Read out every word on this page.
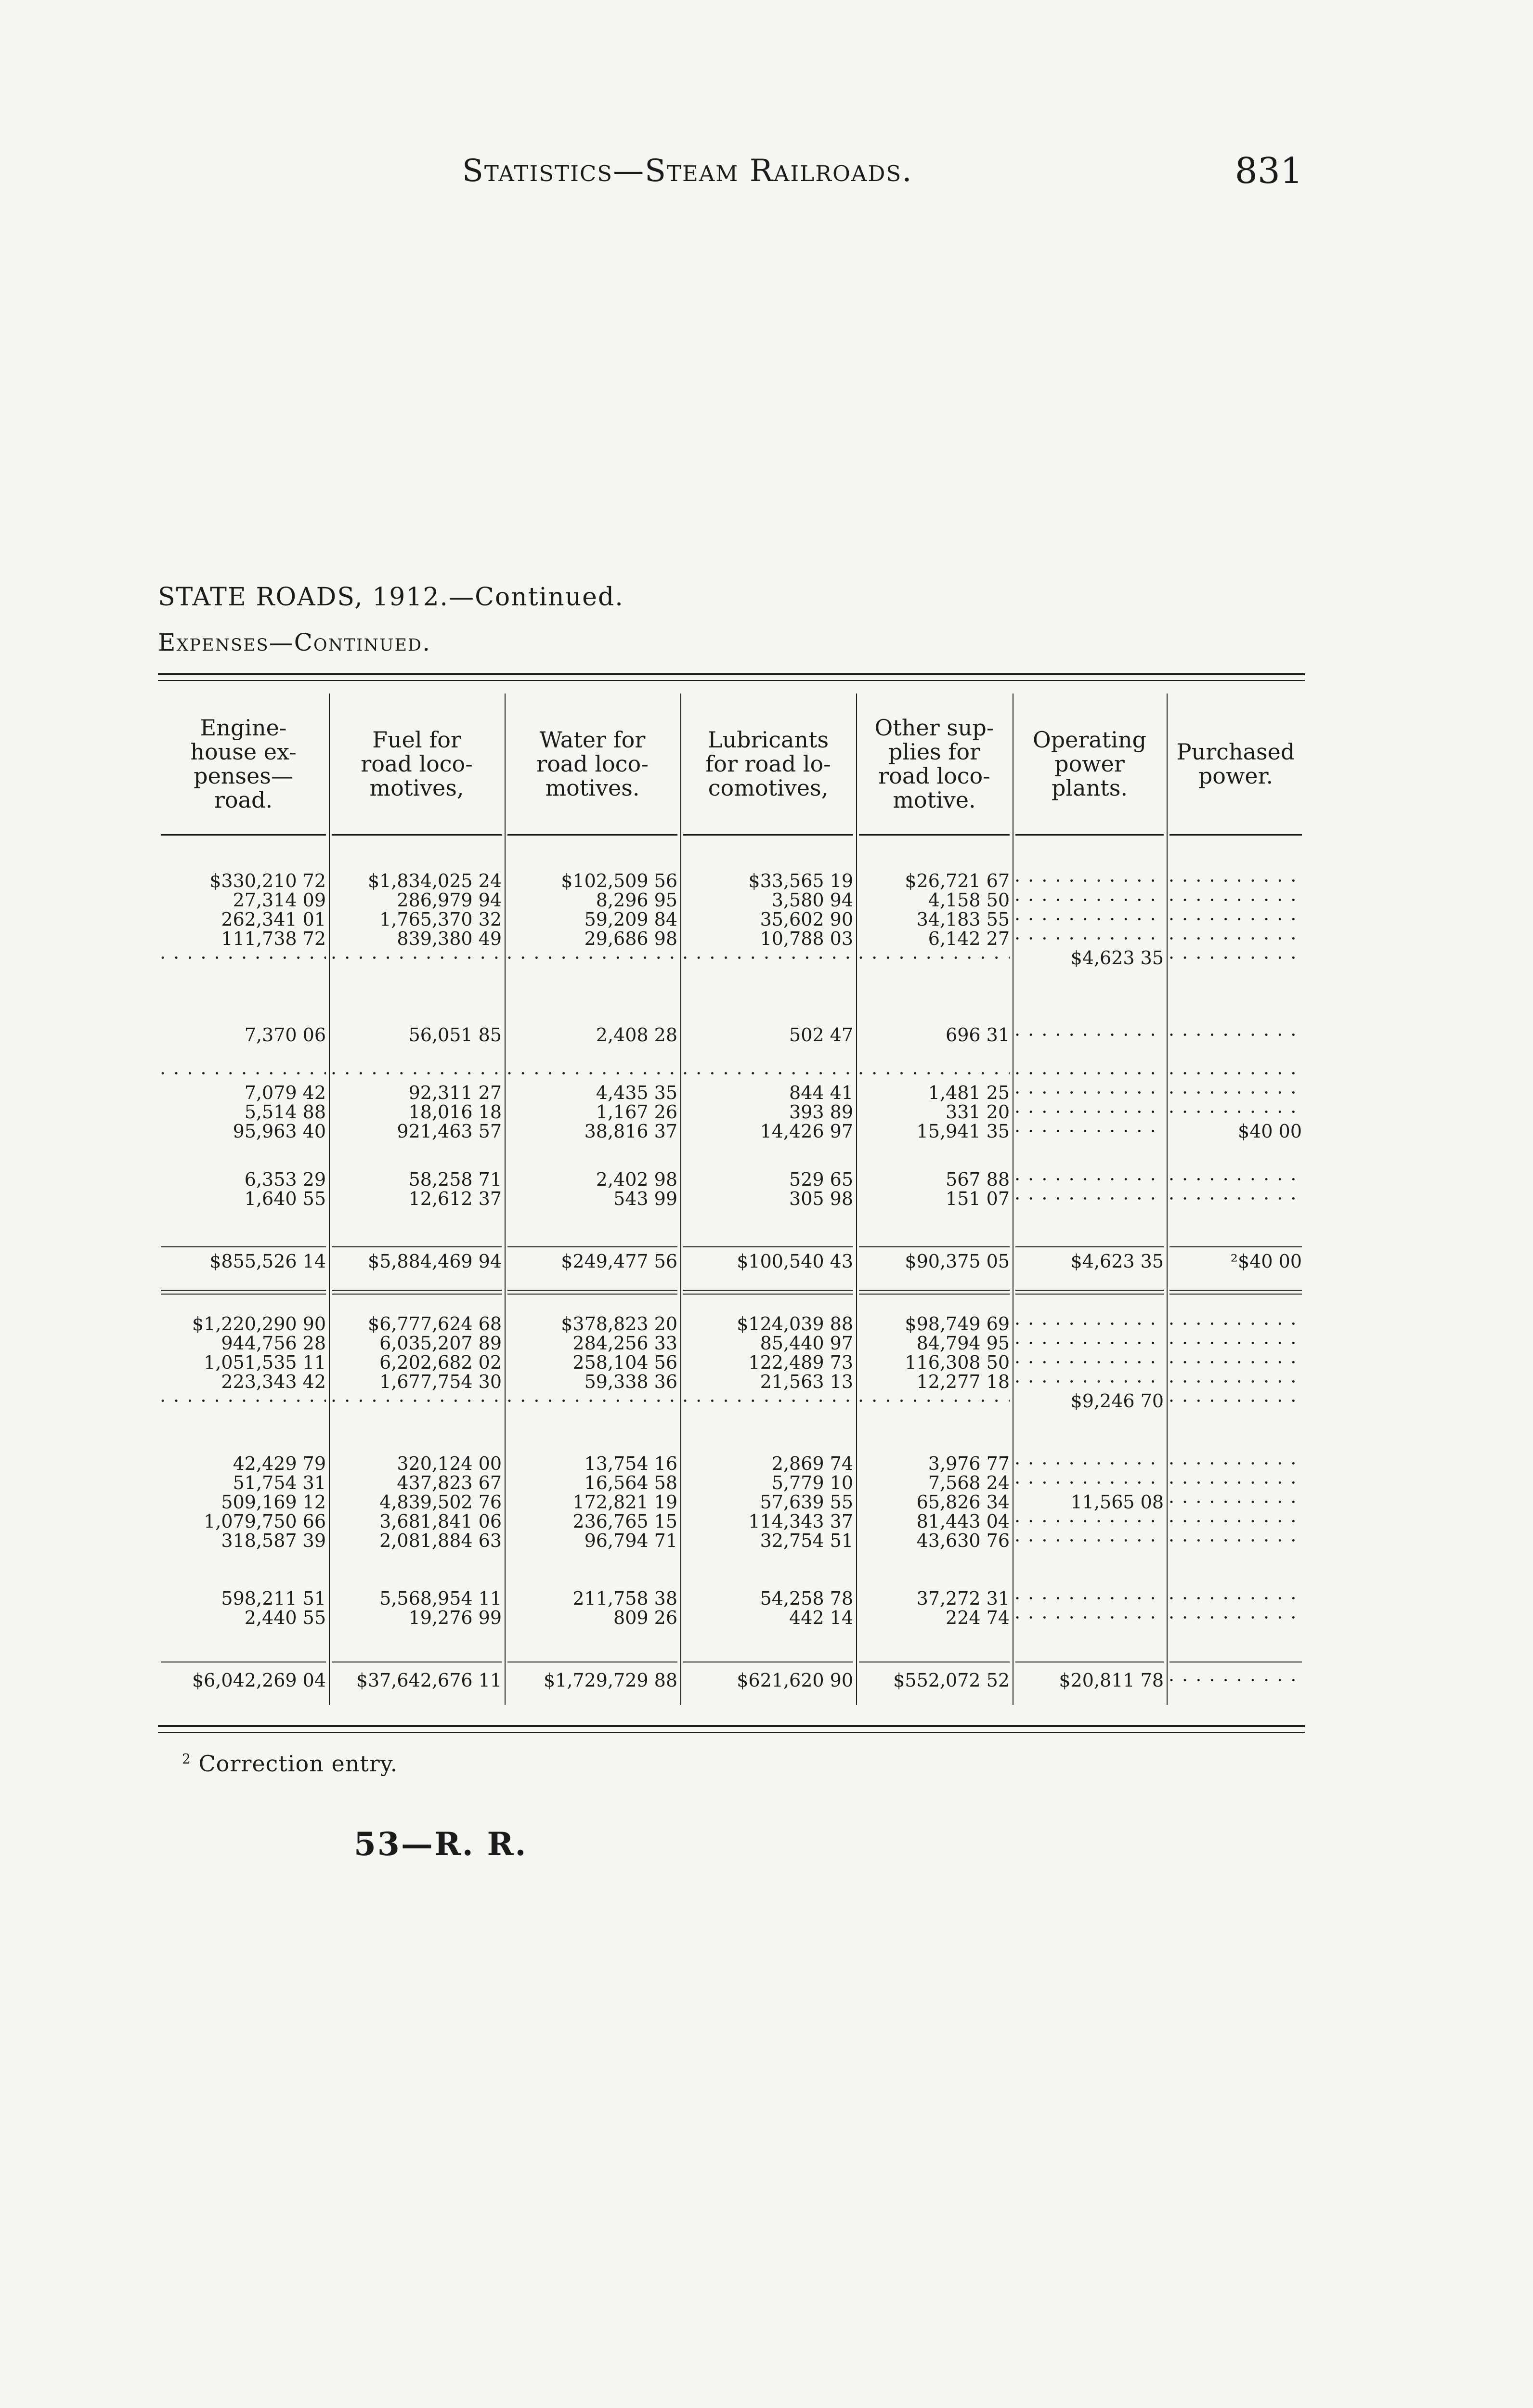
Statistics—Steam Railroads.	831
STATE ROADS, 1912.—Continued.
Expenses—Continued.
Engine-
house ex-
penses—
road.
$330,210 72
27,314 09
262,341 01
111,738 72
· · ·
7,370 06
· · ·
7,079 42
5,514 88
95,963 40
6,353 29
1,640 55
$855,526 14
$1,220,290 90
944,756 28
1,051,535 11
223,343 42
· · ·
42,429 79
51,754 31
509,169 12
1,079,750 66
318,587 39
598,211 51
2,440 55
$6,042,269 04
Fuel for
road loco-
motives,
$1,834,025 24
286,979 94
1,765,370 32
839,380 49
· · ·
56,051 85
· · ·
92,311 27
18,016 18
921,463 57
58,258 71
12,612 37
$5,884,469 94
$6,777,624 68
6,035,207 89
6,202,682 02
1,677,754 30
· · ·
320,124 00
437,823 67
4,839,502 76
3,681,841 06
2,081,884 63
5,568,954 11
19,276 99
$37,642,676 11
Water for
road loco-
motives.
$102,509 56
8,296 95
59,209 84
29,686 98
· · ·
2,408 28
· · ·
4,435 35
1,167 26
38,816 37
2,402 98
543 99
$249,477 56
$378,823 20
284,256 33
258,104 56
59,338 36
· · ·
13,754 16
16,564 58
172,821 19
236,765 15
96,794 71
211,758 38
809 26
$1,729,729 88
Lubricants
for road lo-
comotives,
$33,565 19
3,580 94
35,602 90
10,788 03
· · ·
502 47
· · ·
844 41
393 89
14,426 97
529 65
305 98
$100,540 43
$124,039 88
85,440 97
122,489 73
21,563 13
· · ·
2,869 74
5,779 10
57,639 55
114,343 37
32,754 51
54,258 78
442 14
$621,620 90
Other sup-
plies for
road loco-
motive.
$26,721 67
4,158 50
34,183 55
6,142 27
· · ·
696 31
· · ·
1,481 25
331 20
15,941 35
567 88
151 07
$90,375 05
$98,749 69
84,794 95
116,308 50
12,277 18
· · ·
3,976 77
7,568 24
65,826 34
81,443 04
43,630 76
37,272 31
224 74
$552,072 52
Operating
power
plants.
· · ·
· · ·
· · ·
· · ·
$4,623 35
· · ·
· · ·
· · ·
· · ·
· · ·
· · ·
· · ·
$4,623 35
· · ·
· · ·
· · ·
· · ·
$9,246 70
· · ·
· · ·
11,565 08
· · ·
· · ·
· · ·
· · ·
$20,811 78
Purchased
power.
· · ·
· · ·
· · ·
· · ·
· · ·
· · ·
· · ·
· · ·
· · ·
$40 00
· · ·
· · ·
²$40 00
· · ·
· · ·
· · ·
· · ·
· · ·
· · ·
· · ·
· · ·
· · ·
· · ·
· · ·
· · ·
· · ·
$^2$ Correction entry.
53—R. R.
